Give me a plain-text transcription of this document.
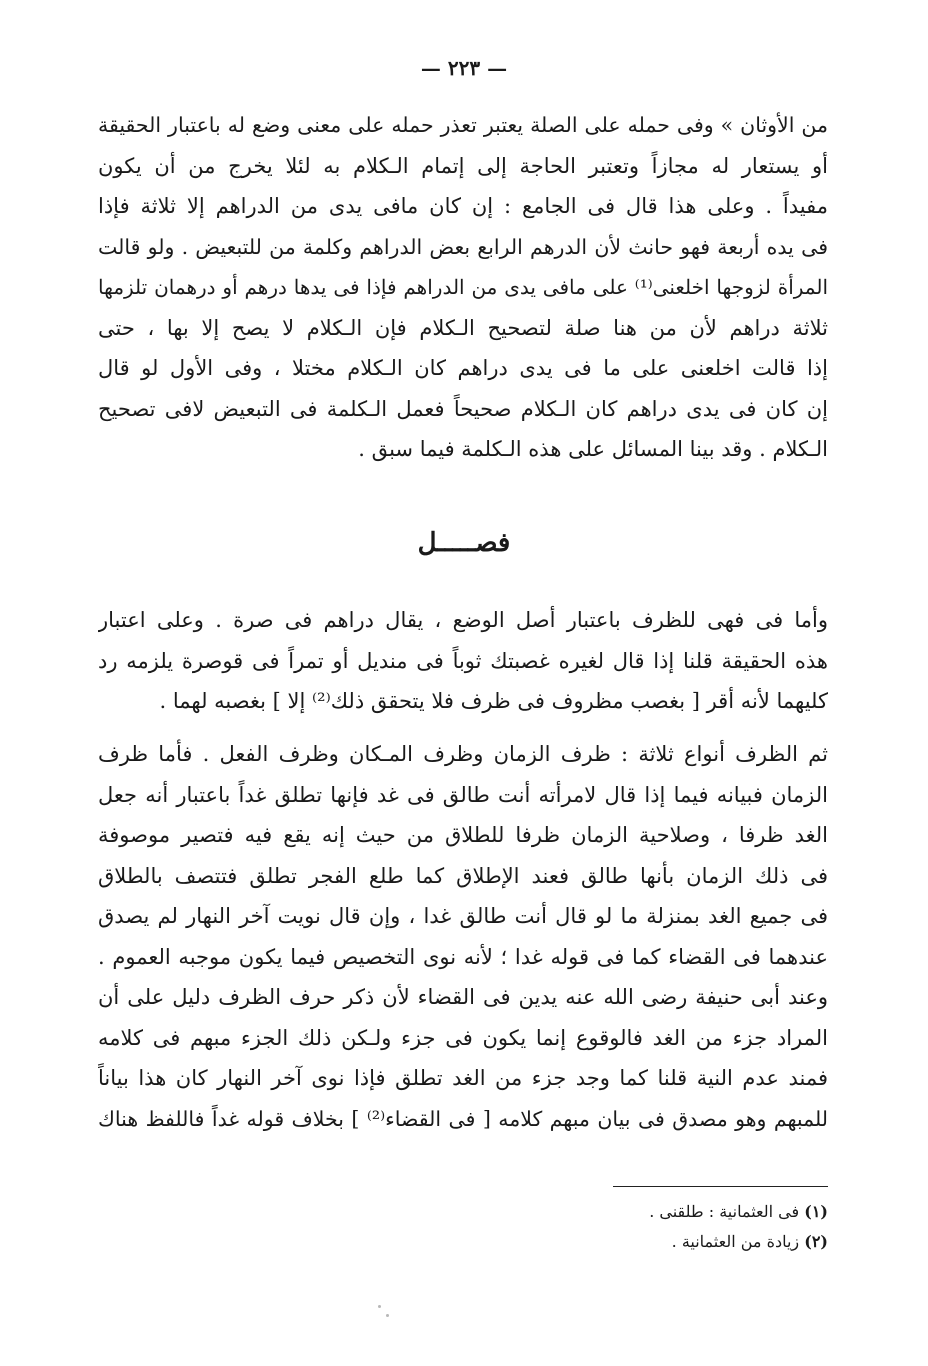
— ٢٢٣ —
من الأوثان » وفى حمله على الصلة يعتبر تعذر حمله على معنى وضع له باعتبار الحقيقة
أو يستعار له مجازاً وتعتبر الحاجة إلى إتمام الـكلام به لئلا يخرج من أن يكون
مفيداً . وعلى هذا قال فى الجامع : إن كان مافى يدى من الدراهم إلا ثلاثة فإذا
فى يده أربعة فهو حانث لأن الدرهم الرابع بعض الدراهم وكلمة من للتبعيض . ولو قالت
المرأة لزوجها اخلعنى⁽¹⁾ على مافى يدى من الدراهم فإذا فى يدها درهم أو درهمان تلزمها
ثلاثة دراهم لأن من هنا صلة لتصحيح الـكلام فإن الـكلام لا يصح إلا بها ، حتى
إذا قالت اخلعنى على ما فى يدى دراهم كان الـكلام مختلا ، وفى الأول لو قال
إن كان فى يدى دراهم كان الـكلام صحيحاً فعمل الـكلمة فى التبعيض لافى تصحيح
الـكلام . وقد بينا المسائل على هذه الـكلمة فيما سبق .
فصـــــل
وأما فى فهى للظرف باعتبار أصل الوضع ، يقال دراهم فى صرة . وعلى اعتبار
هذه الحقيقة قلنا إذا قال لغيره غصبتك ثوباً فى منديل أو تمراً فى قوصرة يلزمه رد
كليهما لأنه أقر [ بغصب مظروف فى ظرف فلا يتحقق ذلك⁽²⁾ إلا ] بغصبه لهما .
ثم الظرف أنواع ثلاثة : ظرف الزمان وظرف المـكان وظرف الفعل . فأما ظرف
الزمان فبيانه فيما إذا قال لامرأته أنت طالق فى غد فإنها تطلق غداً باعتبار أنه جعل
الغد ظرفا ، وصلاحية الزمان ظرفا للطلاق من حيث إنه يقع فيه فتصير موصوفة
فى ذلك الزمان بأنها طالق فعند الإطلاق كما طلع الفجر تطلق فتتصف بالطلاق
فى جميع الغد بمنزلة ما لو قال أنت طالق غدا ، وإن قال نويت آخر النهار لم يصدق
عندهما فى القضاء كما فى قوله غدا ؛ لأنه نوى التخصيص فيما يكون موجبه العموم .
وعند أبى حنيفة رضى الله عنه يدين فى القضاء لأن ذكر حرف الظرف دليل على أن
المراد جزء من الغد فالوقوع إنما يكون فى جزء ولـكن ذلك الجزء مبهم فى كلامه
فمند عدم النية قلنا كما وجد جزء من الغد تطلق فإذا نوى آخر النهار كان هذا بياناً
للمبهم وهو مصدق فى بيان مبهم كلامه [ فى القضاء⁽²⁾ ] بخلاف قوله غداً فاللفظ هناك
(١) فى العثمانية : طلقنى .
(٢) زيادة من العثمانية .
